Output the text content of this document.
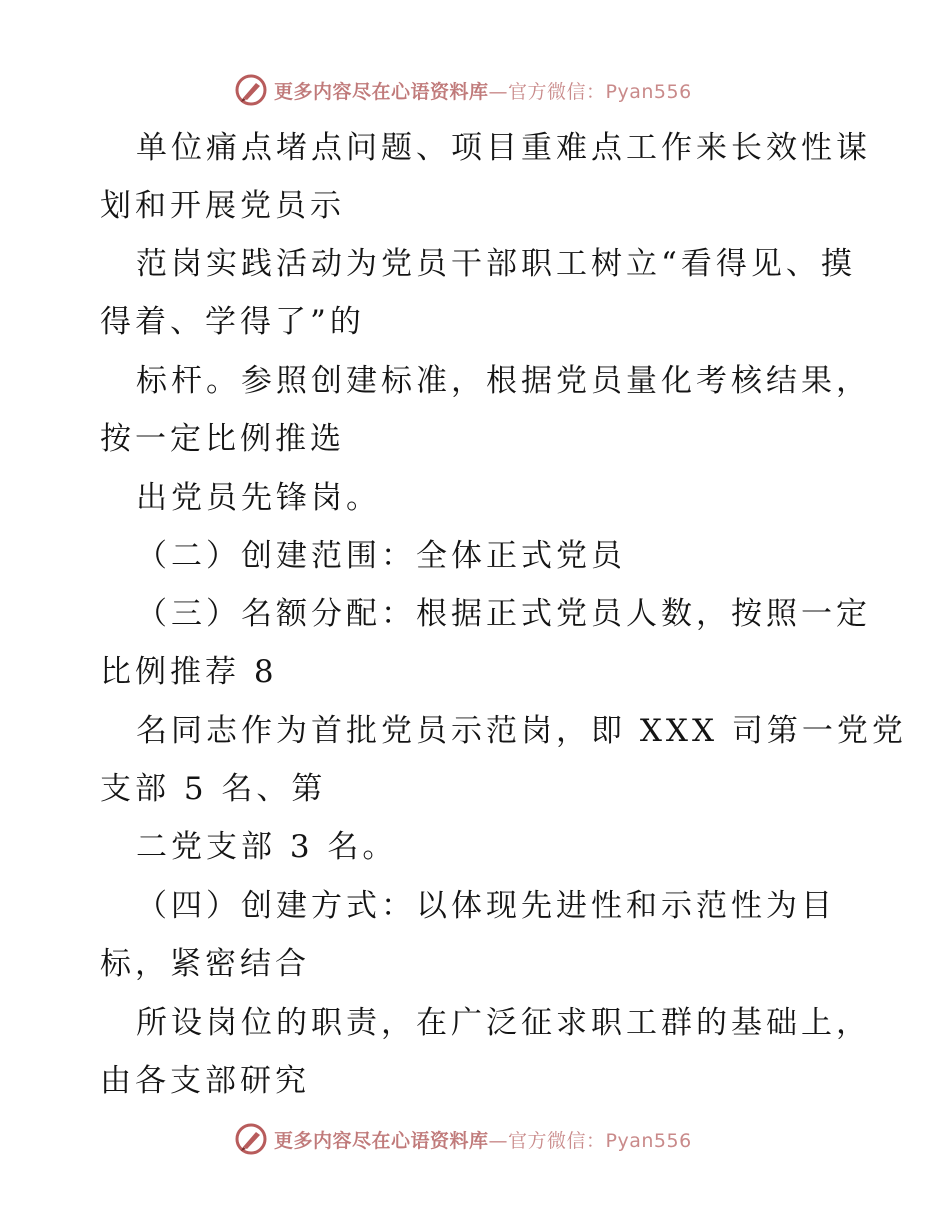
更多内容尽在心语资料库 —官方微信：Pyan556
单位痛点堵点问题、项目重难点工作来长效性谋
划和开展党员示
范岗实践活动为党员干部职工树立“看得见、摸
得着、学得了”的
标杆。参照创建标准，根据党员量化考核结果，
按一定比例推选
出党员先锋岗。
（二）创建范围：全体正式党员
（三）名额分配：根据正式党员人数，按照一定
比例推荐 8
名同志作为首批党员示范岗，即 XXX 司第一党党
支部 5 名、第
二党支部 3 名。
（四）创建方式：以体现先进性和示范性为目
标，紧密结合
所设岗位的职责，在广泛征求职工群的基础上，
由各支部研究
更多内容尽在心语资料库 —官方微信：Pyan556
